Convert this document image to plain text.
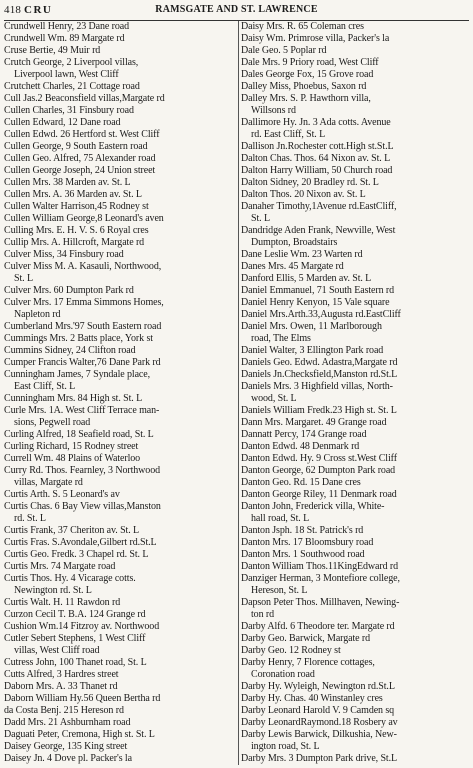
418 CRU	RAMSGATE AND ST. LAWRENCE
Crundwell Henry, 23 Dane road
Crundwell Wm. 89 Margate rd
Cruse Bertie, 49 Muir rd
Crutch George, 2 Liverpool villas,
Liverpool lawn, West Cliff
Crutchett Charles, 21 Cottage road
Cull Jas.2 Beaconsfield villas,Margate rd
Cullen Charles, 31 Finsbury road
Cullen Edward, 12 Dane road
Cullen Edwd. 26 Hertford st. West Cliff
Cullen George, 9 South Eastern road
Cullen Geo. Alfred, 75 Alexander road
Cullen George Joseph, 24 Union street
Cullen Mrs. 38 Marden av. St. L
Cullen Mrs. A. 36 Marden av. St. L
Cullen Walter Harrison,45 Rodney st
Cullen William George,8 Leonard's aven
Culling Mrs. E. H. V. S. 6 Royal cres
Cullip Mrs. A. Hillcroft, Margate rd
Culver Miss, 34 Finsbury road
Culver Miss M. A. Kasauli, Northwood,
St. L
Culver Mrs. 60 Dumpton Park rd
Culver Mrs. 17 Emma Simmons Homes,
Napleton rd
Cumberland Mrs.'97 South Eastern road
Cummings Mrs. 2 Batts place, York st
Cummins Sidney, 24 Clifton road
Cumper Francis Walter,76 Dane Park rd
Cunningham James, 7 Syndale place,
East Cliff, St. L
Cunningham Mrs. 84 High st. St. L
Curle Mrs. 1A. West Cliff Terrace man-
sions, Pegwell road
Curling Alfred, 18 Seafield road, St. L
Curling Richard, 15 Rodney street
Currell Wm. 48 Plains of Waterloo
Curry Rd. Thos. Fearnley, 3 Northwood
villas, Margate rd
Curtis Arth. S. 5 Leonard's av
Curtis Chas. 6 Bay View villas,Manston
rd. St. L
Curtis Frank, 37 Cheriton av. St. L
Curtis Fras. S.Avondale,Gilbert rd.St.L
Curtis Geo. Fredk. 3 Chapel rd. St. L
Curtis Mrs. 74 Margate road
Curtis Thos. Hy. 4 Vicarage cotts.
Newington rd. St. L
Curtis Walt. H. 11 Rawdon rd
Curzon Cecil T. B.A. 124 Grange rd
Cushion Wm.14 Fitzroy av. Northwood
Cutler Sebert Stephens, 1 West Cliff
villas, West Cliff road
Cutress John, 100 Thanet road, St. L
Cutts Alfred, 3 Hardres street
Daborn Mrs. A. 33 Thanet rd
Daborn William Hy.56 Queen Bertha rd
da Costa Benj. 215 Hereson rd
Dadd Mrs. 21 Ashburnham road
Daguati Peter, Cremona, High st. St. L
Daisey George, 135 King street
Daisey Jn. 4 Dove pl. Packer's la
Daisy Mrs. R. 65 Coleman cres
Daisy Wm. Primrose villa, Packer's la
Dale Geo. 5 Poplar rd
Dale Mrs. 9 Priory road, West Cliff
Dales George Fox, 15 Grove road
Dalley Miss, Phoebus, Saxon rd
Dalley Mrs. S. P. Hawthorn villa,
Willsons rd
Dallimore Hy. Jn. 3 Ada cotts. Avenue
rd. East Cliff, St. L
Dallison Jn.Rochester cott.High st.St.L
Dalton Chas. Thos. 64 Nixon av. St. L
Dalton Harry William, 50 Church road
Dalton Sidney, 20 Bradley rd. St. L
Dalton Thos. 20 Nixon av. St. L
Danaher Timothy,1Avenue rd.EastCliff,
St. L
Dandridge Aden Frank, Newville, West
Dumpton, Broadstairs
Dane Leslie Wm. 23 Warten rd
Danes Mrs. 45 Margate rd
Danford Ellis, 5 Marden av. St. L
Daniel Emmanuel, 71 South Eastern rd
Daniel Henry Kenyon, 15 Vale square
Daniel Mrs.Arth.33,Augusta rd.EastCliff
Daniel Mrs. Owen, 11 Marlborough
road, The Elms
Daniel Walter, 3 Ellington Park road
Daniels Geo. Edwd. Adastra,Margate rd
Daniels Jn.Checksfield,Manston rd.St.L
Daniels Mrs. 3 Highfield villas, North-
wood, St. L
Daniels William Fredk.23 High st. St. L
Dann Mrs. Margaret. 49 Grange road
Dannatt Percy, 174 Grange road
Danton Edwd. 48 Denmark rd
Danton Edwd. Hy. 9 Cross st.West Cliff
Danton George, 62 Dumpton Park road
Danton Geo. Rd. 15 Dane cres
Danton George Riley, 11 Denmark road
Danton John, Frederick villa, White-
hall road, St. L
Danton Jsph. 18 St. Patrick's rd
Danton Mrs. 17 Bloomsbury road
Danton Mrs. 1 Southwood road
Danton William Thos.11KingEdward rd
Danziger Herman, 3 Montefiore college,
Hereson, St. L
Dapson Peter Thos. Millhaven, Newing-
ton rd
Darby Alfd. 6 Theodore ter. Margate rd
Darby Geo. Barwick, Margate rd
Darby Geo. 12 Rodney st
Darby Henry, 7 Florence cottages,
Coronation road
Darby Hy. Wyleigh, Newington rd.St.L
Darby Hy. Chas. 40 Winstanley cres
Darby Leonard Harold V. 9 Camden sq
Darby LeonardRaymond.18 Rosbery av
Darby Lewis Barwick, Dilkushia, New-
ington road, St. L
Darby Mrs. 3 Dumpton Park drive, St.L
